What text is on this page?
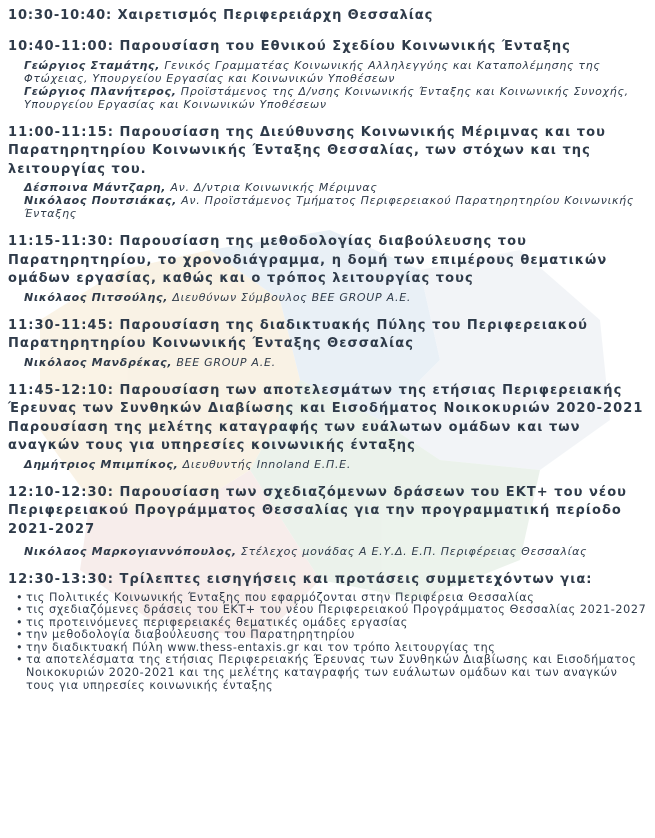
10:30-10:40: Χαιρετισμός Περιφερειάρχη Θεσσαλίας
10:40-11:00: Παρουσίαση του Εθνικού Σχεδίου Κοινωνικής Ένταξης
Γεώργιος Σταμάτης, Γενικός Γραμματέας Κοινωνικής Αλληλεγγύης και Καταπολέμησης της Φτώχειας, Υπουργείου Εργασίας και Κοινωνικών Υποθέσεων
Γεώργιος Πλανήτερος, Προϊστάμενος της Δ/νσης Κοινωνικής Ένταξης και Κοινωνικής Συνοχής, Υπουργείου Εργασίας και Κοινωνικών Υποθέσεων
11:00-11:15: Παρουσίαση της Διεύθυνσης Κοινωνικής Μέριμνας και του Παρατηρητηρίου Κοινωνικής Ένταξης Θεσσαλίας, των στόχων και της λειτουργίας του.
Δέσποινα Μάντζαρη, Αν. Δ/ντρια Κοινωνικής Μέριμνας
Νικόλαος Πουτσιάκας, Αν. Προϊστάμενος Τμήματος Περιφερειακού Παρατηρητηρίου Κοινωνικής Ένταξης
11:15-11:30: Παρουσίαση της μεθοδολογίας διαβούλευσης του Παρατηρητηρίου, το χρονοδιάγραμμα, η δομή των επιμέρους θεματικών ομάδων εργασίας, καθώς και ο τρόπος λειτουργίας τους
Νικόλαος Πιτσούλης, Διευθύνων Σύμβουλος BEE GROUP A.E.
11:30-11:45: Παρουσίαση της διαδικτυακής Πύλης του Περιφερειακού Παρατηρητηρίου Κοινωνικής Ένταξης Θεσσαλίας
Νικόλαος Μανδρέκας, BEE GROUP A.E.
11:45-12:10: Παρουσίαση των αποτελεσμάτων της ετήσιας Περιφερειακής Έρευνας των Συνθηκών Διαβίωσης και Εισοδήματος Νοικοκυριών 2020-2021
Παρουσίαση της μελέτης καταγραφής των ευάλωτων ομάδων και των αναγκών τους για υπηρεσίες κοινωνικής ένταξης
Δημήτριος Μπιμπίκος, Διευθυντής Innoland Ε.Π.Ε.
12:10-12:30: Παρουσίαση των σχεδιαζόμενων δράσεων του ΕΚΤ+ του νέου Περιφερειακού Προγράμματος Θεσσαλίας για την προγραμματική περίοδο 2021-2027
Νικόλαος Μαρκογιαννόπουλος, Στέλεχος μονάδας Α Ε.Υ.Δ. Ε.Π. Περιφέρειας Θεσσαλίας
12:30-13:30: Τρίλεπτες εισηγήσεις και προτάσεις συμμετεχόντων για:
• τις Πολιτικές Κοινωνικής Ένταξης που εφαρμόζονται στην Περιφέρεια Θεσσαλίας
• τις σχεδιαζόμενες δράσεις του ΕΚΤ+ του νέου Περιφερειακού Προγράμματος Θεσσαλίας 2021-2027
• τις προτεινόμενες περιφερειακές θεματικές ομάδες εργασίας
• την μεθοδολογία διαβούλευσης του Παρατηρητηρίου
• την διαδικτυακή Πύλη www.thess-entaxis.gr και τον τρόπο λειτουργίας της
• τα αποτελέσματα της ετήσιας Περιφερειακής Έρευνας των Συνθηκών Διαβίωσης και Εισοδήματος Νοικοκυριών 2020-2021 και της μελέτης καταγραφής των ευάλωτων ομάδων και των αναγκών τους για υπηρεσίες κοινωνικής ένταξης
